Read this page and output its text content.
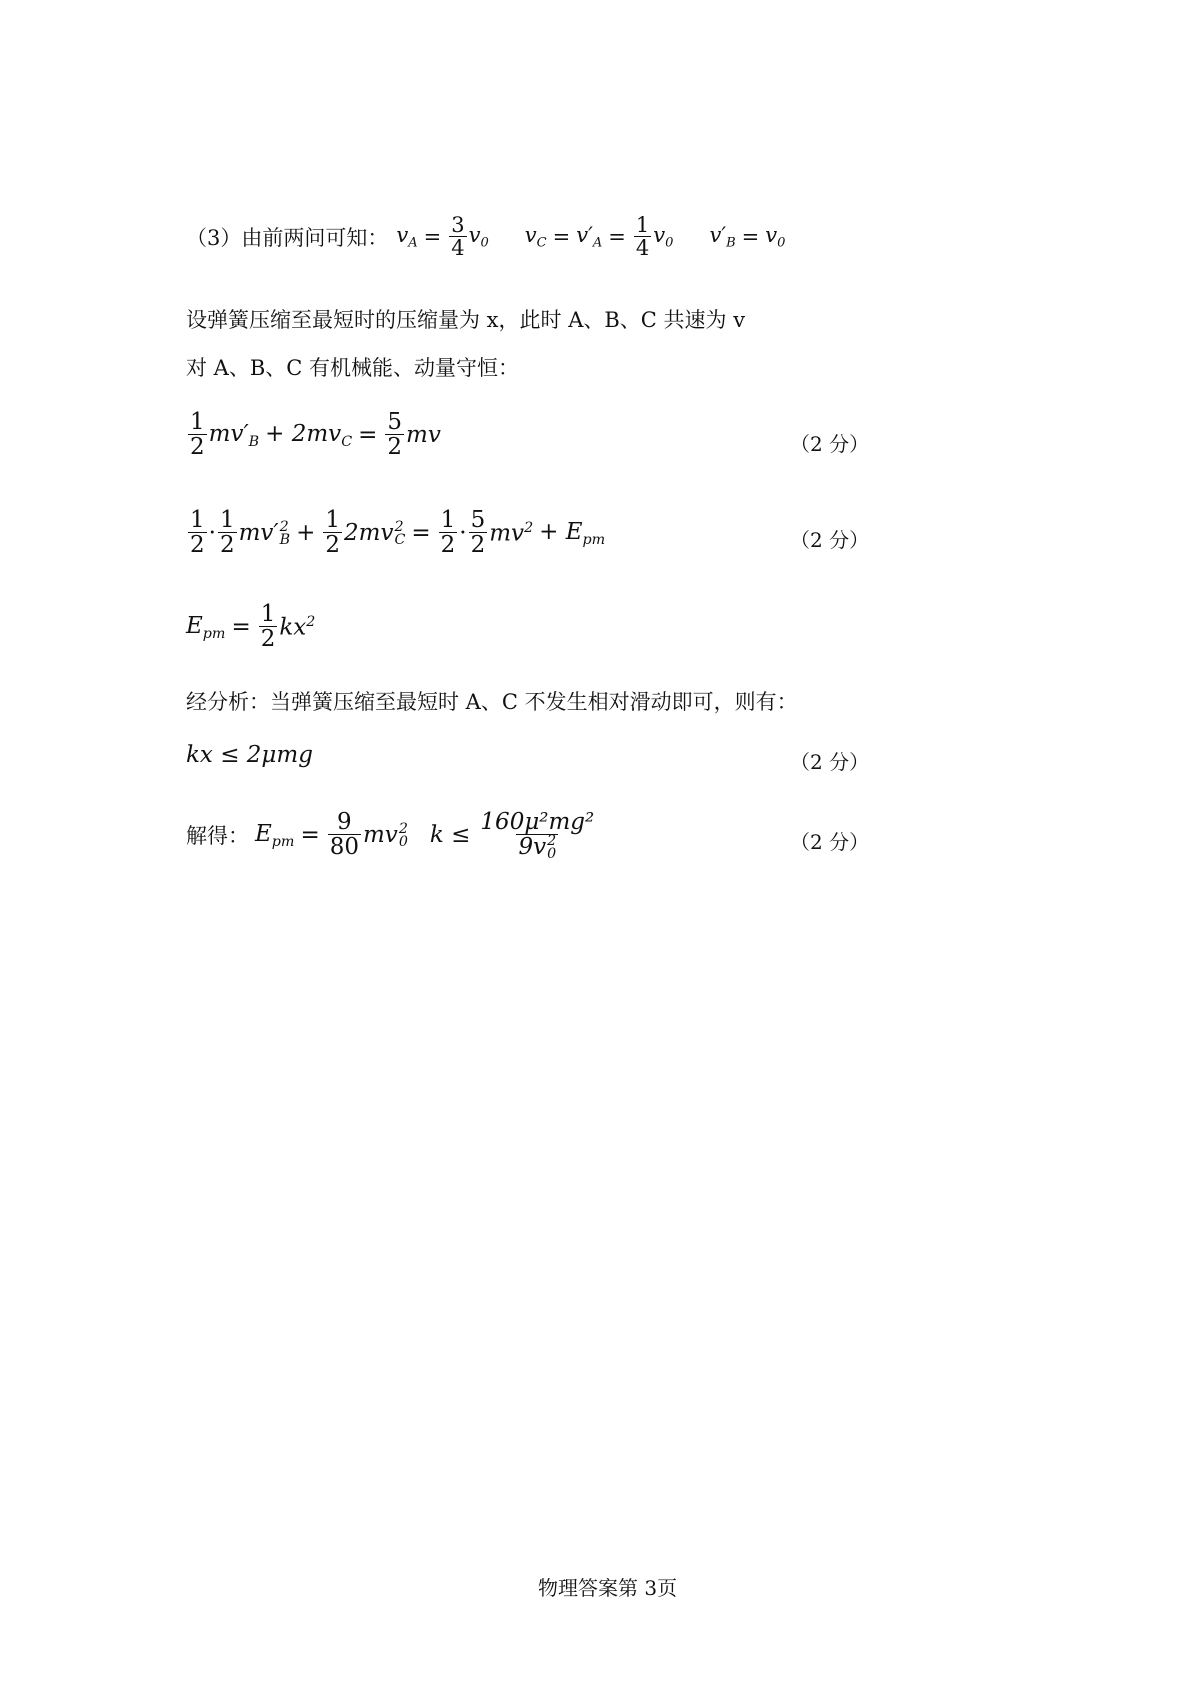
（3）由前两问可知： $v_A = \frac{3}{4} v_0$ $v_C = v'_A = \frac{1}{4} v_0$ $v'_B = v_0$
设弹簧压缩至最短时的压缩量为 x，此时 A、B、C 共速为 v
对 A、B、C 有机械能、动量守恒：
$\frac{1}{2} mv'_B + 2mv_C = \frac{5}{2}$ mv	（2 分）
$\frac{1}{2} \cdot \frac{1}{2} mv'$ 2
$B + \frac{1}{2} 2mv$ 2
$C = \frac{1}{2} \cdot \frac{5}{2} mv^2 + E_{pm}$	（2 分）
$E_{pm} = \frac{1}{2} kx^2$
经分析：当弹簧压缩至最短时 A、C 不发生相对滑动即可，则有：
kx ≤ 2μmg	（2 分）
解得： $E_{pm} = \frac{9}{80}$ mv 2
0 k ≤ 160μ²mg²
9v 2
0	（2 分）
物理答案第 3页
